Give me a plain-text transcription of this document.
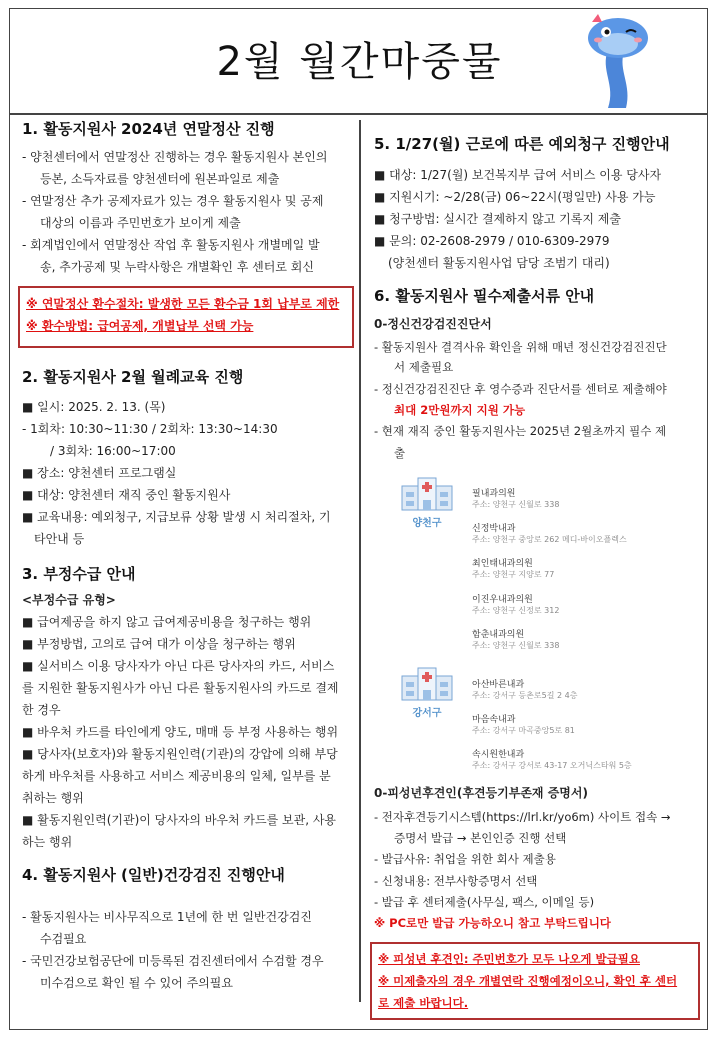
2월 월간마중물
1. 활동지원사 2024년 연말정산 진행
- 양천센터에서 연말정산 진행하는 경우 활동지원사 본인의
등본, 소득자료를 양천센터에 원본파일로 제출
- 연말정산 추가 공제자료가 있는 경우 활동지원사 및 공제
대상의 이름과 주민번호가 보이게 제출
- 회계법인에서 연말정산 작업 후 활동지원사 개별메일 발
송, 추가공제 및 누락사항은 개별확인 후 센터로 회신
※ 연말정산 환수절차: 발생한 모든 환수금 1회 납부로 제한
※ 환수방법: 급여공제, 개별납부 선택 가능
2. 활동지원사 2월 월례교육 진행
■ 일시: 2025. 2. 13. (목)
- 1회차: 10:30~11:30 / 2회차: 13:30~14:30
/ 3회차: 16:00~17:00
■ 장소: 양천센터 프로그램실
■ 대상: 양천센터 재직 중인 활동지원사
■ 교육내용: 예외청구, 지급보류 상황 발생 시 처리절차, 기
타안내 등
3. 부정수급 안내
<부정수급 유형>
■ 급여제공을 하지 않고 급여제공비용을 청구하는 행위
■ 부정방법, 고의로 급여 대가 이상을 청구하는 행위
■ 실서비스 이용 당사자가 아닌 다른 당사자의 카드, 서비스
를 지원한 활동지원사가 아닌 다른 활동지원사의 카드로 결제
한 경우
■ 바우처 카드를 타인에게 양도, 매매 등 부정 사용하는 행위
■ 당사자(보호자)와 활동지원인력(기관)의 강압에 의해 부당
하게 바우처를 사용하고 서비스 제공비용의 일체, 일부를 분
취하는 행위
■ 활동지원인력(기관)이 당사자의 바우처 카드를 보관, 사용
하는 행위
4. 활동지원사 (일반)건강검진 진행안내
- 활동지원사는 비사무직으로 1년에 한 번 일반건강검진
수검필요
- 국민건강보험공단에 미등록된 검진센터에서 수검할 경우
미수검으로 확인 될 수 있어 주의필요
5. 1/27(월) 근로에 따른 예외청구 진행안내
■ 대상: 1/27(월) 보건복지부 급여 서비스 이용 당사자
■ 지원시기: ~2/28(금) 06~22시(평일만) 사용 가능
■ 청구방법: 실시간 결제하지 않고 기록지 제출
■ 문의: 02-2608-2979 / 010-6309-2979
(양천센터 활동지원사업 담당 조범기 대리)
6. 활동지원사 필수제출서류 안내
0-정신건강검진진단서
- 활동지원사 결격사유 확인을 위해 매년 정신건강검진진단
서 제출필요
- 정신건강검진진단 후 영수증과 진단서를 센터로 제출해야
최대 2만원까지 지원 가능
- 현재 재직 중인 활동지원사는 2025년 2월초까지 필수 제
출
양천구
필내과의원
주소: 양천구 신월로 338
신정박내과
주소: 양천구 중앙로 262 메디-바이오플렉스
최인태내과의원
주소: 양천구 지양로 77
이진우내과의원
주소: 양천구 신정로 312
함춘내과의원
주소: 양천구 신월로 338
강서구
아산바른내과
주소: 강서구 등촌로5길 2 4층
마음속내과
주소: 강서구 마곡중앙5로 81
속시원한내과
주소: 강서구 강서로 43-17 오거닉스타워 5층
0-피성년후견인(후견등기부존재 증명서)
- 전자후견등기시스템(https://lrl.kr/yo6m) 사이트 접속 →
증명서 발급 → 본인인증 진행 선택
- 발급사유: 취업을 위한 회사 제출용
- 신청내용: 전부사항증명서 선택
- 발급 후 센터제출(사무실, 팩스, 이메일 등)
※ PC로만 발급 가능하오니 참고 부탁드립니다
※ 피성년 후견인: 주민번호가 모두 나오게 발급필요
※ 미제출자의 경우 개별연락 진행예정이오니, 확인 후 센터
로 제출 바랍니다.
